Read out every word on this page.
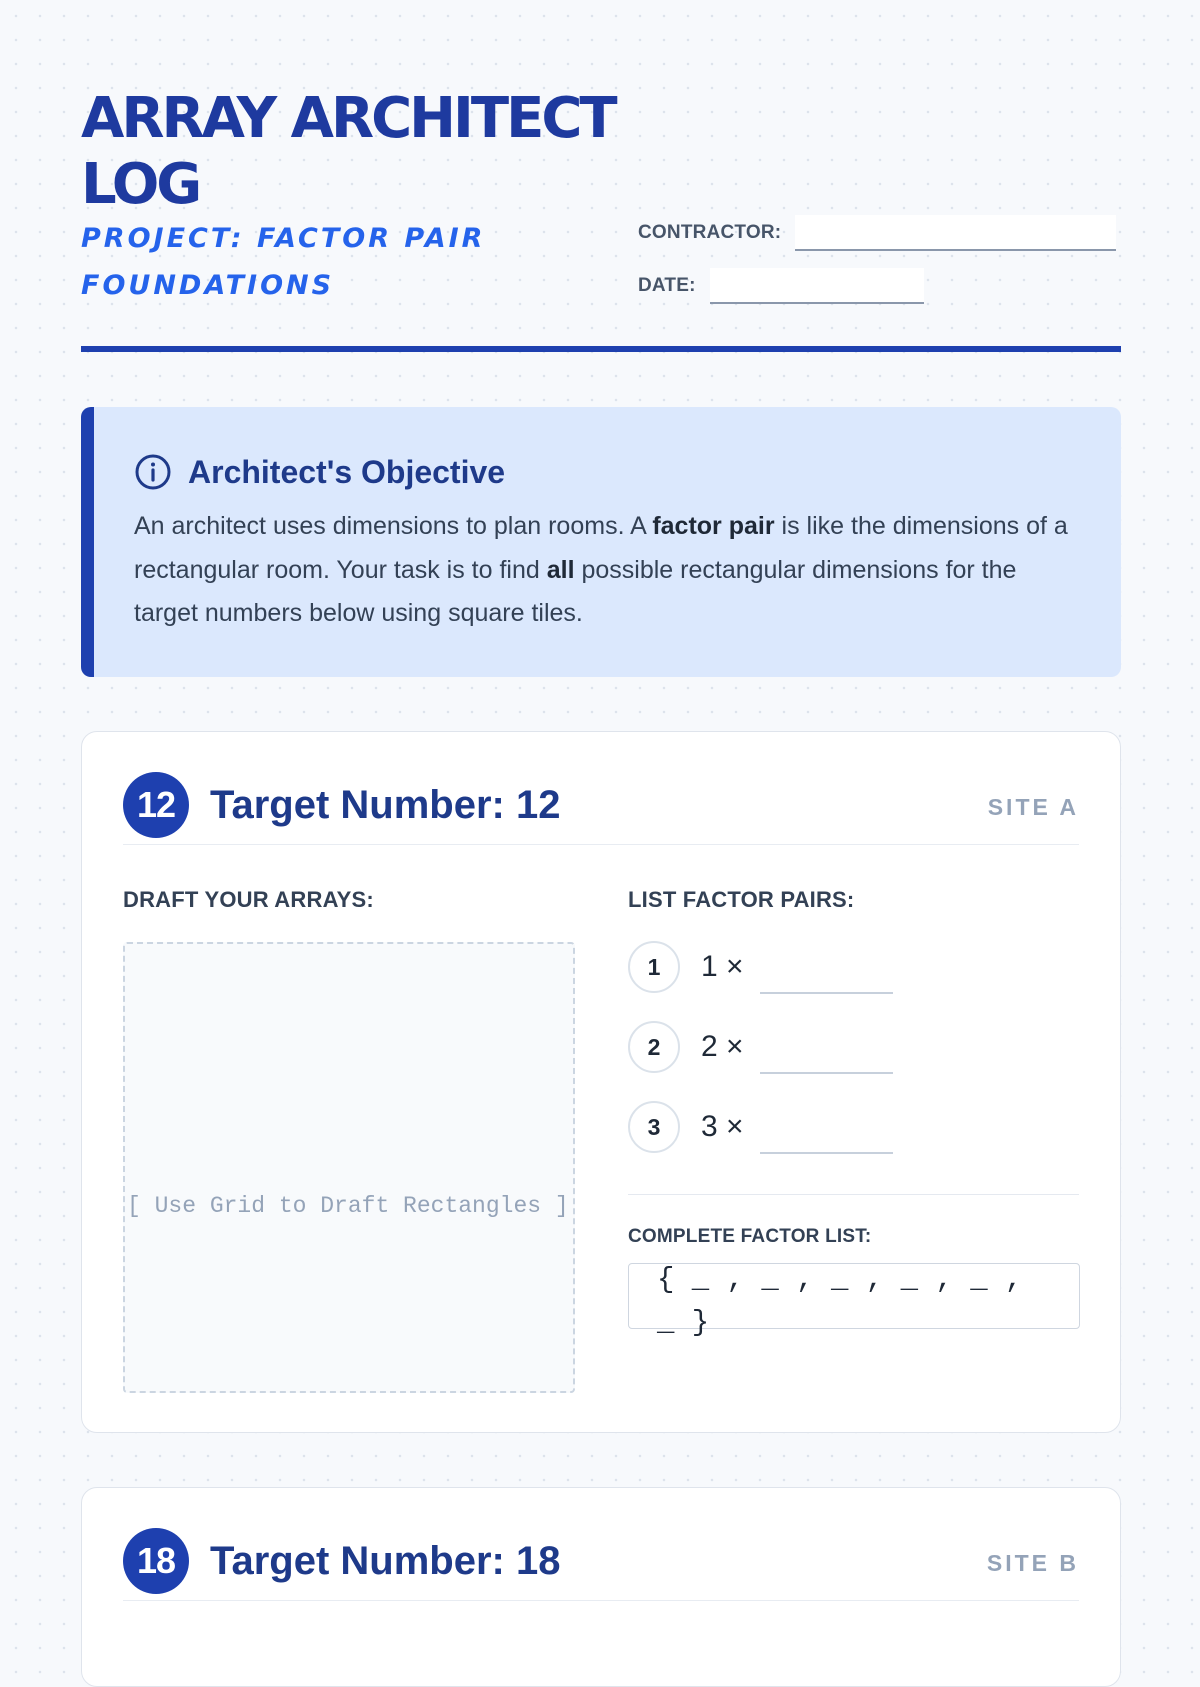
ARRAY ARCHITECT LOG
PROJECT: FACTOR PAIR FOUNDATIONS
CONTRACTOR:
DATE:
Architect's Objective

An architect uses dimensions to plan rooms. A factor pair is like the dimensions of a rectangular room. Your task is to find all possible rectangular dimensions for the target numbers below using square tiles.

12 Target Number: 12	SITE A
DRAFT YOUR ARRAYS:
[ Use Grid to Draft Rectangles ]
LIST FACTOR PAIRS:
1	1 ×
2	2 ×
3	3 ×
COMPLETE FACTOR LIST:
{ _ , _ , _ , _ , _ , _ }
18 Target Number: 18	SITE B
